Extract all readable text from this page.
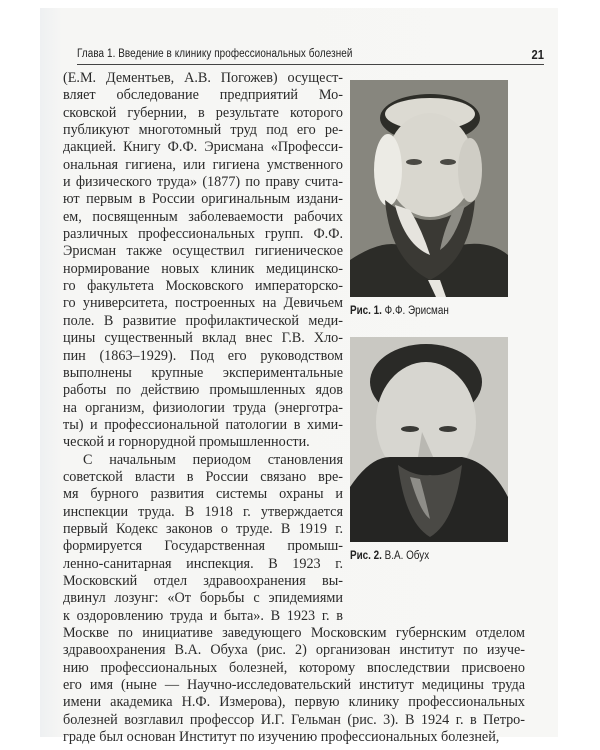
Глава 1. Введение в клинику профессиональных болезней	21
(Е.М. Дементьев, А.В. Погожев) осущест-
вляет обследование предприятий Мо-
сковской губернии, в результате которого
публикуют многотомный труд под его ре-
дакцией. Книгу Ф.Ф. Эрисмана «Професси-
ональная гигиена, или гигиена умственного
и физического труда» (1877) по праву счита-
ют первым в России оригинальным издани-
ем, посвященным заболеваемости рабочих
различных профессиональных групп. Ф.Ф.
Эрисман также осуществил гигиеническое
нормирование новых клиник медицинско-
го факультета Московского императорско-
го университета, построенных на Девичьем
поле. В развитие профилактической меди-
цины существенный вклад внес Г.В. Хло-
пин (1863–1929). Под его руководством
выполнены крупные экспериментальные
работы по действию промышленных ядов
на организм, физиологии труда (энерготра-
ты) и профессиональной патологии в хими-
ческой и горнорудной промышленности.
С начальным периодом становления
советской власти в России связано вре-
мя бурного развития системы охраны и
инспекции труда. В 1918 г. утверждается
первый Кодекс законов о труде. В 1919 г.
формируется Государственная промыш-
ленно-санитарная инспекция. В 1923 г.
Московский отдел здравоохранения вы-
двинул лозунг: «От борьбы с эпидемиями
к оздоровлению труда и быта». В 1923 г. в
Москве по инициативе заведующего Московским губернским отделом
здравоохранения В.А. Обуха (рис. 2) организован институт по изуче-
нию профессиональных болезней, которому впоследствии присвоено
его имя (ныне — Научно-исследовательский институт медицины труда
имени академика Н.Ф. Измерова), первую клинику профессиональных
болезней возглавил профессор И.Г. Гельман (рис. 3). В 1924 г. в Петро-
граде был основан Институт по изучению профессиональных болезней,
Рис. 1. Ф.Ф. Эрисман
Рис. 2. В.А. Обух
